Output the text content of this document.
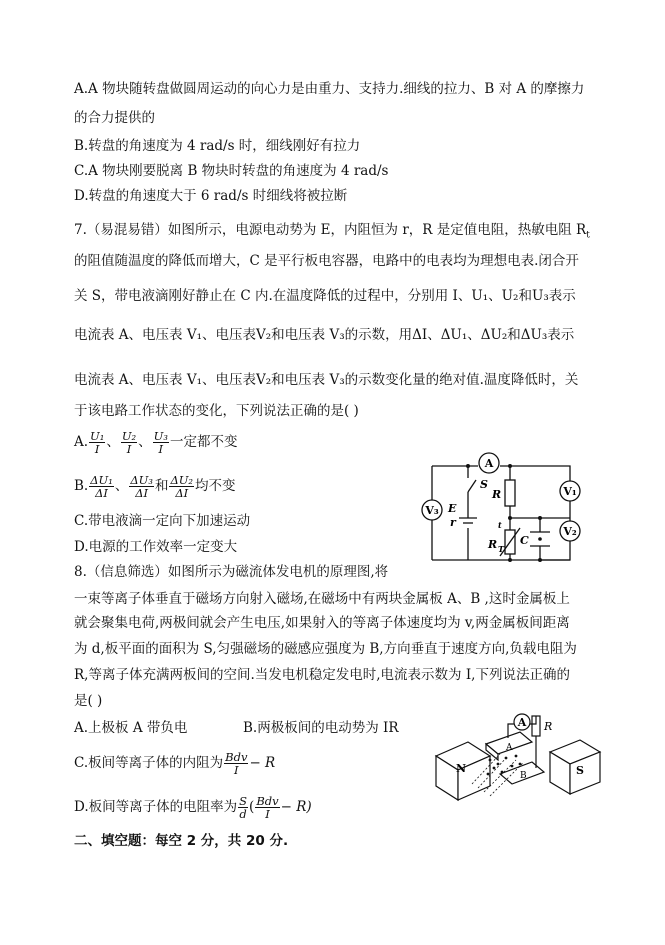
A.A 物块随转盘做圆周运动的向心力是由重力、支持力.细线的拉力、B 对 A 的摩擦力
的合力提供的
B.转盘的角速度为 4 rad/s 时，细线刚好有拉力
C.A 物块刚要脱离 B 物块时转盘的角速度为 4 rad/s
D.转盘的角速度大于 6 rad/s 时细线将被拉断
7.（易混易错）如图所示，电源电动势为 E，内阻恒为 r，R 是定值电阻，热敏电阻 $R_t$
的阻值随温度的降低而增大，C 是平行板电容器，电路中的电表均为理想电表.闭合开
关 S，带电液滴刚好静止在 C 内.在温度降低的过程中，分别用 I、U₁、U₂和U₃表示
电流表 A、电压表 V₁、电压表V₂和电压表 V₃的示数，用ΔI、ΔU₁、ΔU₂和ΔU₃表示
电流表 A、电压表 V₁、电压表V₂和电压表 V₃的示数变化量的绝对值.温度降低时，关
于该电路工作状态的变化，下列说法正确的是( )
A. $\frac{\text{U₁}}{I}$ 、 $\frac{\text{U₂}}{I}$ 、 $\frac{\text{U₃}}{I}$ 一定都不变
B. $\frac{\text{ΔU₁}}{\Delta I}$ 、 $\frac{\text{ΔU₃}}{\Delta I}$ 和 $\frac{\text{ΔU₂}}{\Delta I}$ 均不变
C.带电液滴一定向下加速运动
D.电源的工作效率一定变大
A
V₁
V₂
V₃
S
R
E
r
R T
C
t
8.（信息筛选）如图所示为磁流体发电机的原理图,将
一束等离子体垂直于磁场方向射入磁场,在磁场中有两块金属板 A、B ,这时金属板上
就会聚集电荷,两极间就会产生电压,如果射入的等离子体速度均为 v,两金属板间距离
为 d,板平面的面积为 S,匀强磁场的磁感应强度为 B,方向垂直于速度方向,负载电阻为
R,等离子体充满两板间的空间.当发电机稳定发电时,电流表示数为 I,下列说法正确的
是( )
A.上极板 A 带负电	B.两极板间的电动势为 IR
C.板间等离子体的内阻为 $\frac{\text{Bdv}}{I} - R$
D.板间等离子体的电阻率为 $\frac{S}{d}$ ( $\frac{\text{Bdv}}{I} - R$)
A R
N	S
A
B
二、填空题：每空 2 分，共 20 分.
